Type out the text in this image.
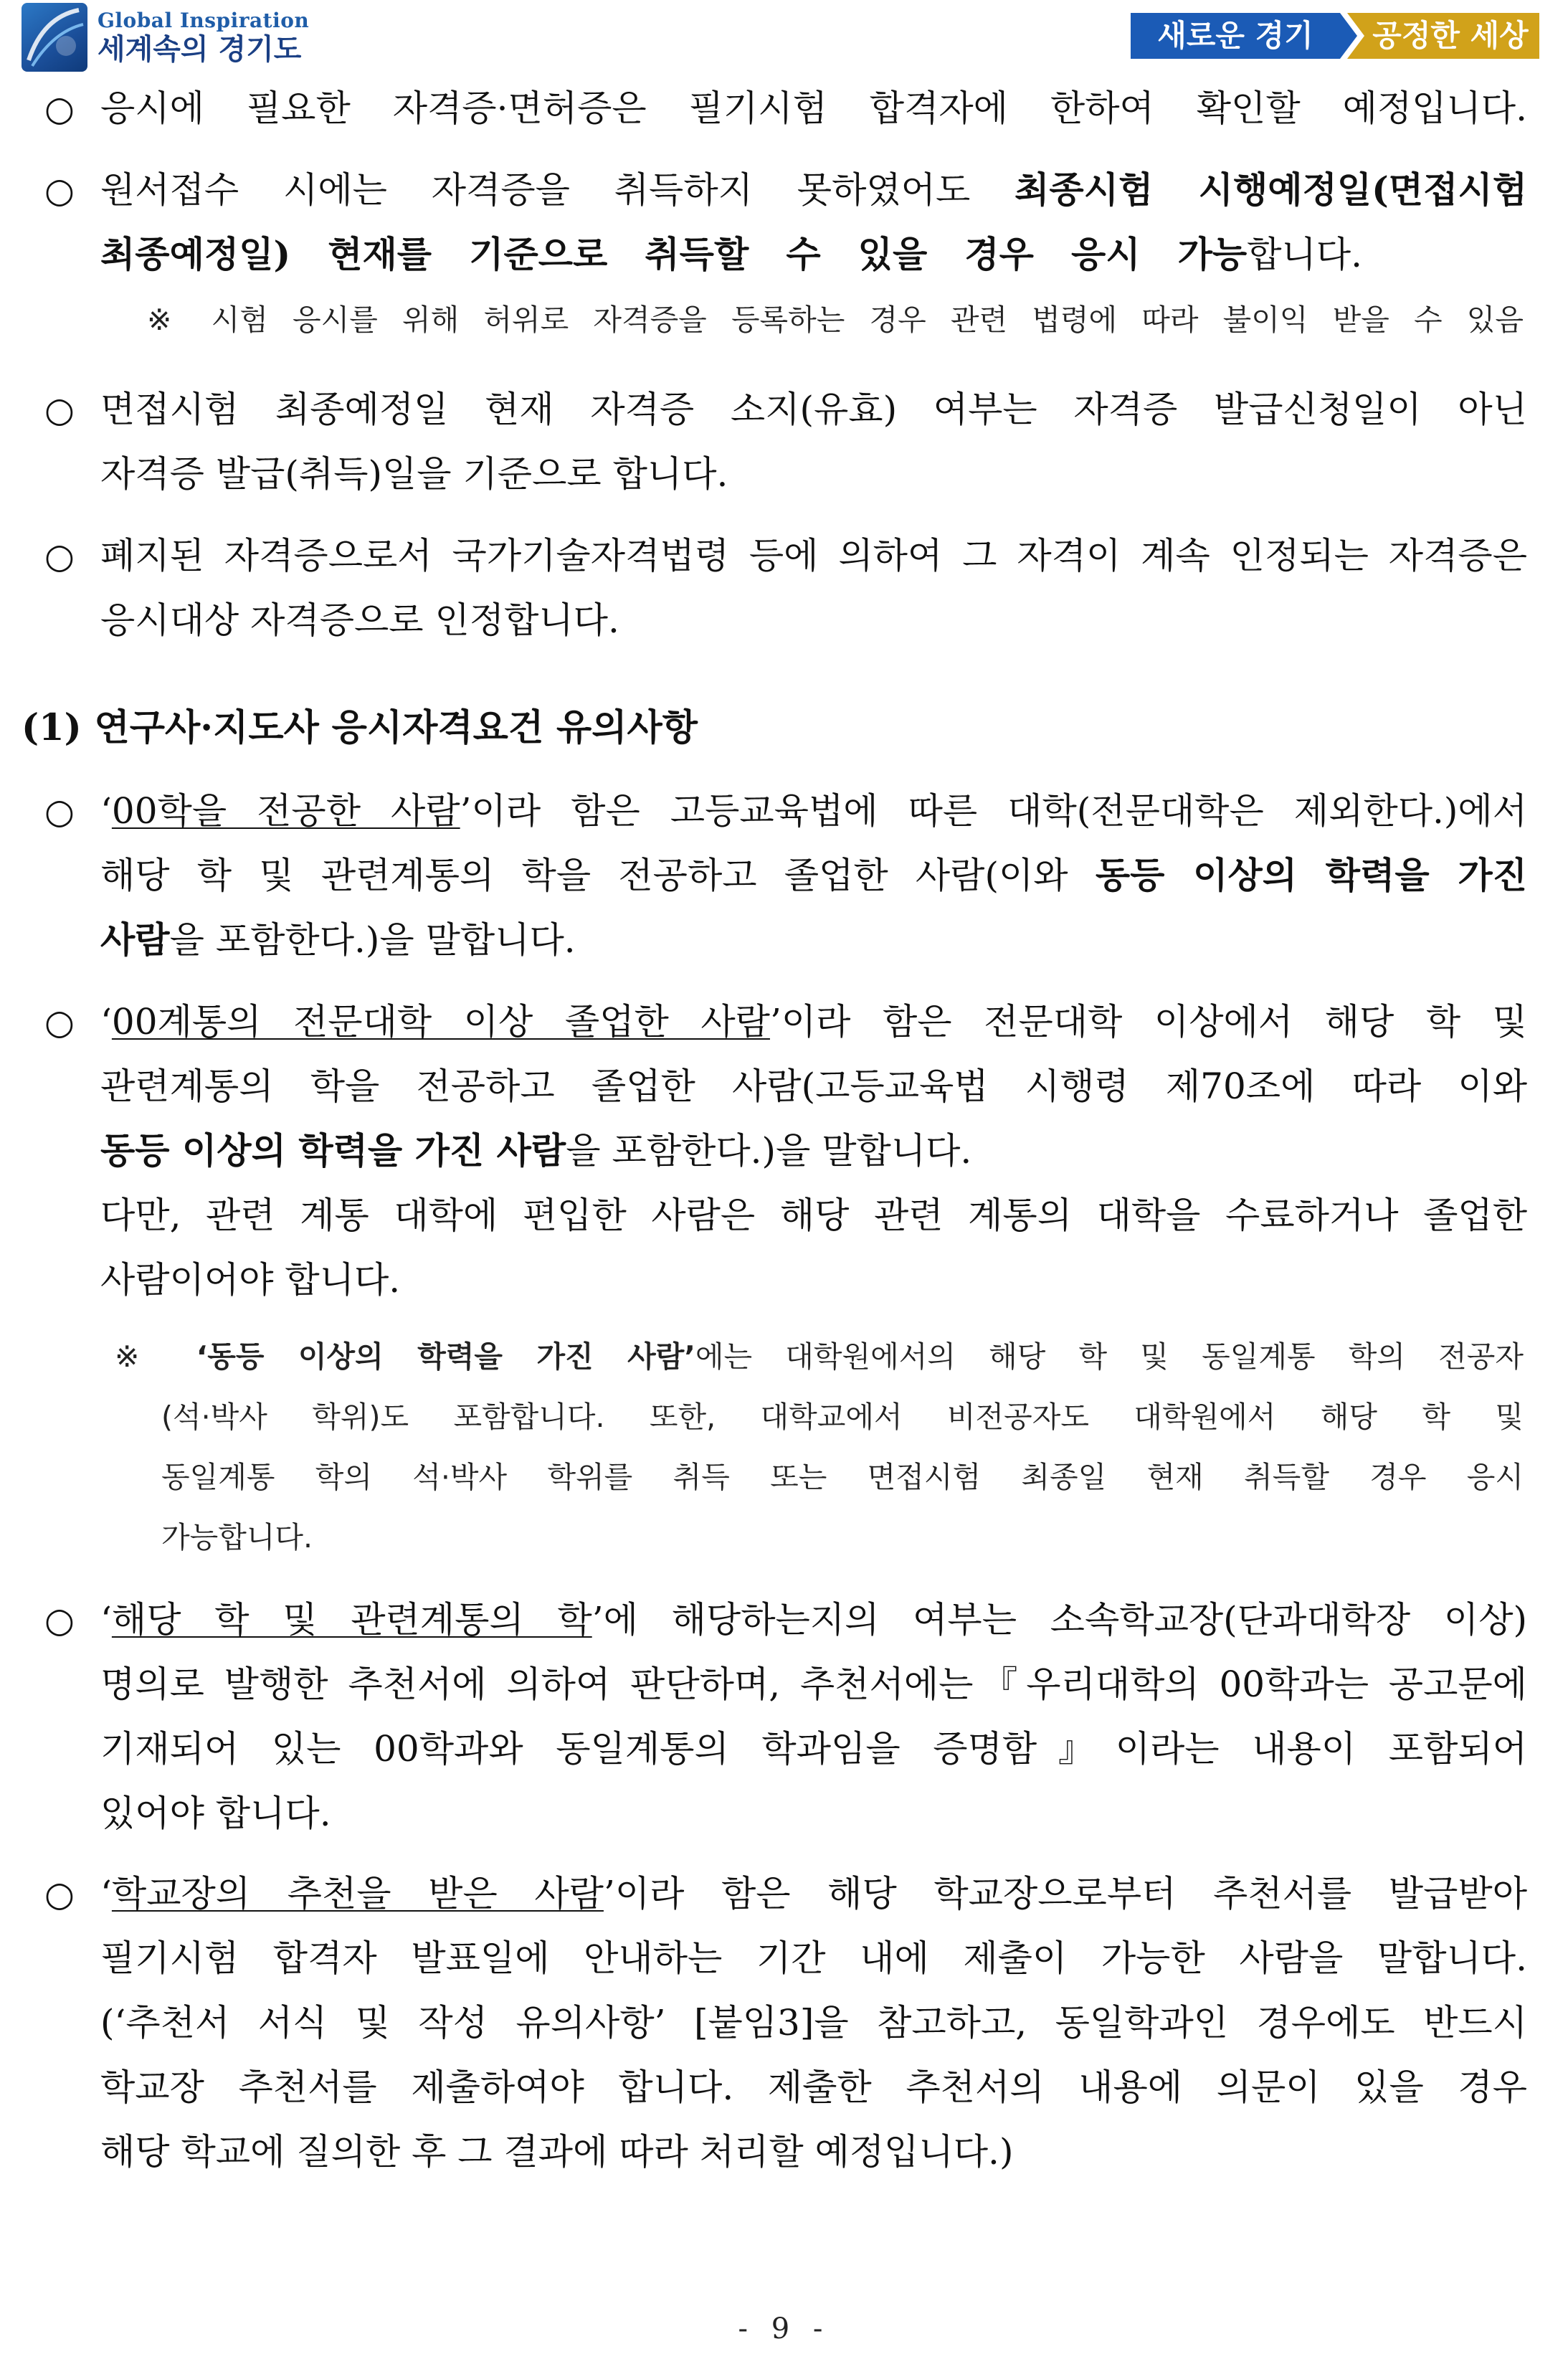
Global Inspiration
세계속의 경기도	새로운 경기 공정한 세상
○ 응시에 필요한 자격증·면허증은 필기시험 합격자에 한하여 확인할 예정입니다.
○ 원서접수 시에는 자격증을 취득하지 못하였어도 최종시험 시행예정일(면접시험
최종예정일) 현재를 기준으로 취득할 수 있을 경우 응시 가능합니다.
※ 시험 응시를 위해 허위로 자격증을 등록하는 경우 관련 법령에 따라 불이익 받을 수 있음
○ 면접시험 최종예정일 현재 자격증 소지(유효) 여부는 자격증 발급신청일이 아닌
자격증 발급(취득)일을 기준으로 합니다.
○ 폐지된 자격증으로서 국가기술자격법령 등에 의하여 그 자격이 계속 인정되는 자격증은
응시대상 자격증으로 인정합니다.
(1) 연구사·지도사 응시자격요건 유의사항
○ ‘00학을 전공한 사람’이라 함은 고등교육법에 따른 대학(전문대학은 제외한다.)에서
해당 학 및 관련계통의 학을 전공하고 졸업한 사람(이와 동등 이상의 학력을 가진
사람을 포함한다.)을 말합니다.
○ ‘00계통의 전문대학 이상 졸업한 사람’이라 함은 전문대학 이상에서 해당 학 및
관련계통의 학을 전공하고 졸업한 사람(고등교육법 시행령 제70조에 따라 이와
동등 이상의 학력을 가진 사람을 포함한다.)을 말합니다.
다만, 관련 계통 대학에 편입한 사람은 해당 관련 계통의 대학을 수료하거나 졸업한
사람이어야 합니다.
※ ‘동등 이상의 학력을 가진 사람’에는 대학원에서의 해당 학 및 동일계통 학의 전공자
(석·박사 학위)도 포함합니다. 또한, 대학교에서 비전공자도 대학원에서 해당 학 및
동일계통 학의 석·박사 학위를 취득 또는 면접시험 최종일 현재 취득할 경우 응시
가능합니다.
○ ‘해당 학 및 관련계통의 학’에 해당하는지의 여부는 소속학교장(단과대학장 이상)
명의로 발행한 추천서에 의하여 판단하며, 추천서에는『우리대학의 00학과는 공고문에
기재되어 있는 00학과와 동일계통의 학과임을 증명함』이라는 내용이 포함되어
있어야 합니다.
○ ‘학교장의 추천을 받은 사람’이라 함은 해당 학교장으로부터 추천서를 발급받아
필기시험 합격자 발표일에 안내하는 기간 내에 제출이 가능한 사람을 말합니다.
(‘추천서 서식 및 작성 유의사항’ [붙임3]을 참고하고, 동일학과인 경우에도 반드시
학교장 추천서를 제출하여야 합니다. 제출한 추천서의 내용에 의문이 있을 경우
해당 학교에 질의한 후 그 결과에 따라 처리할 예정입니다.)
- 9 -
